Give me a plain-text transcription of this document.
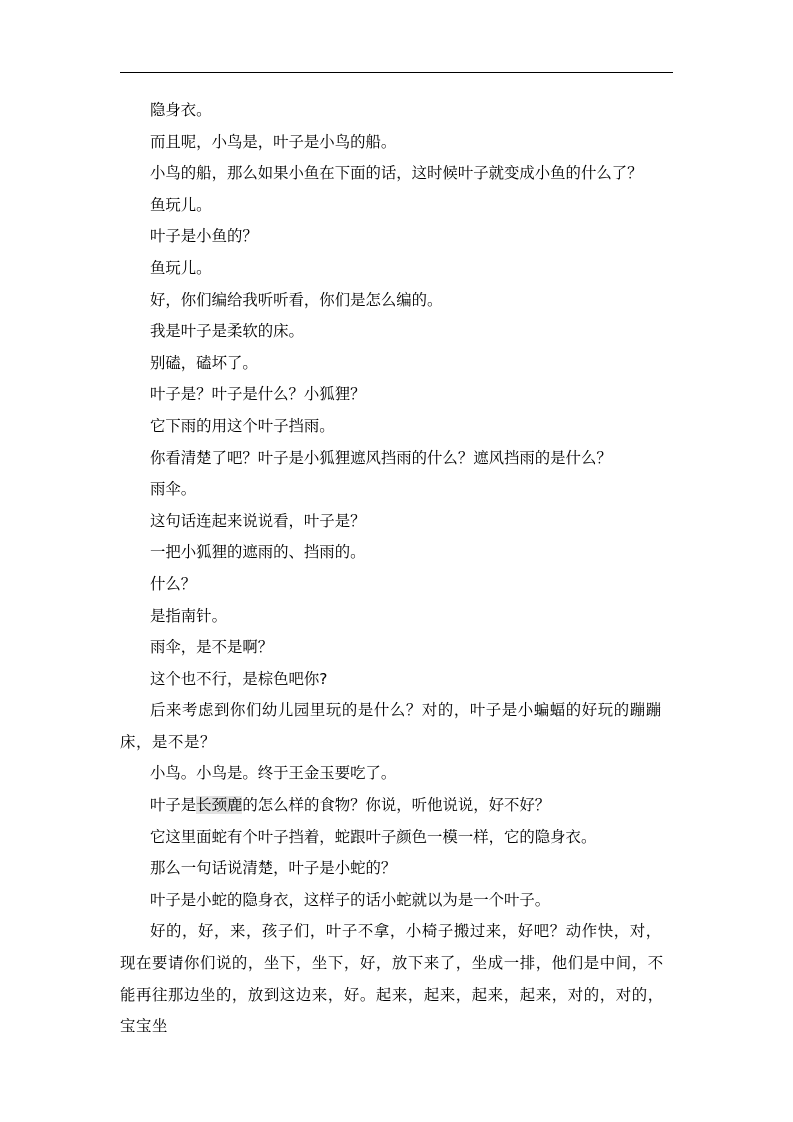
隐身衣。

而且呢，小鸟是，叶子是小鸟的船。

小鸟的船，那么如果小鱼在下面的话，这时候叶子就变成小鱼的什么了？

鱼玩儿。

叶子是小鱼的？

鱼玩儿。

好，你们编给我听听看，你们是怎么编的。

我是叶子是柔软的床。

别磕，磕坏了。

叶子是？叶子是什么？小狐狸？

它下雨的用这个叶子挡雨。

你看清楚了吧？叶子是小狐狸遮风挡雨的什么？遮风挡雨的是什么？

雨伞。

这句话连起来说说看，叶子是？

一把小狐狸的遮雨的、挡雨的。

什么？

是指南针。

雨伞，是不是啊？

这个也不行，是棕色吧你?

后来考虑到你们幼儿园里玩的是什么？对的，叶子是小蝙蝠的好玩的蹦蹦床，是不是？

小鸟。小鸟是。终于王金玉要吃了。

叶子是长颈鹿的怎么样的食物？你说，听他说说，好不好？

它这里面蛇有个叶子挡着，蛇跟叶子颜色一模一样，它的隐身衣。

那么一句话说清楚，叶子是小蛇的？

叶子是小蛇的隐身衣，这样子的话小蛇就以为是一个叶子。

好的，好，来，孩子们，叶子不拿，小椅子搬过来，好吧？动作快，对，现在要请你们说的，坐下，坐下，好，放下来了，坐成一排，他们是中间，不能再往那边坐的，放到这边来，好。起来，起来，起来，起来，对的，对的，宝宝坐
